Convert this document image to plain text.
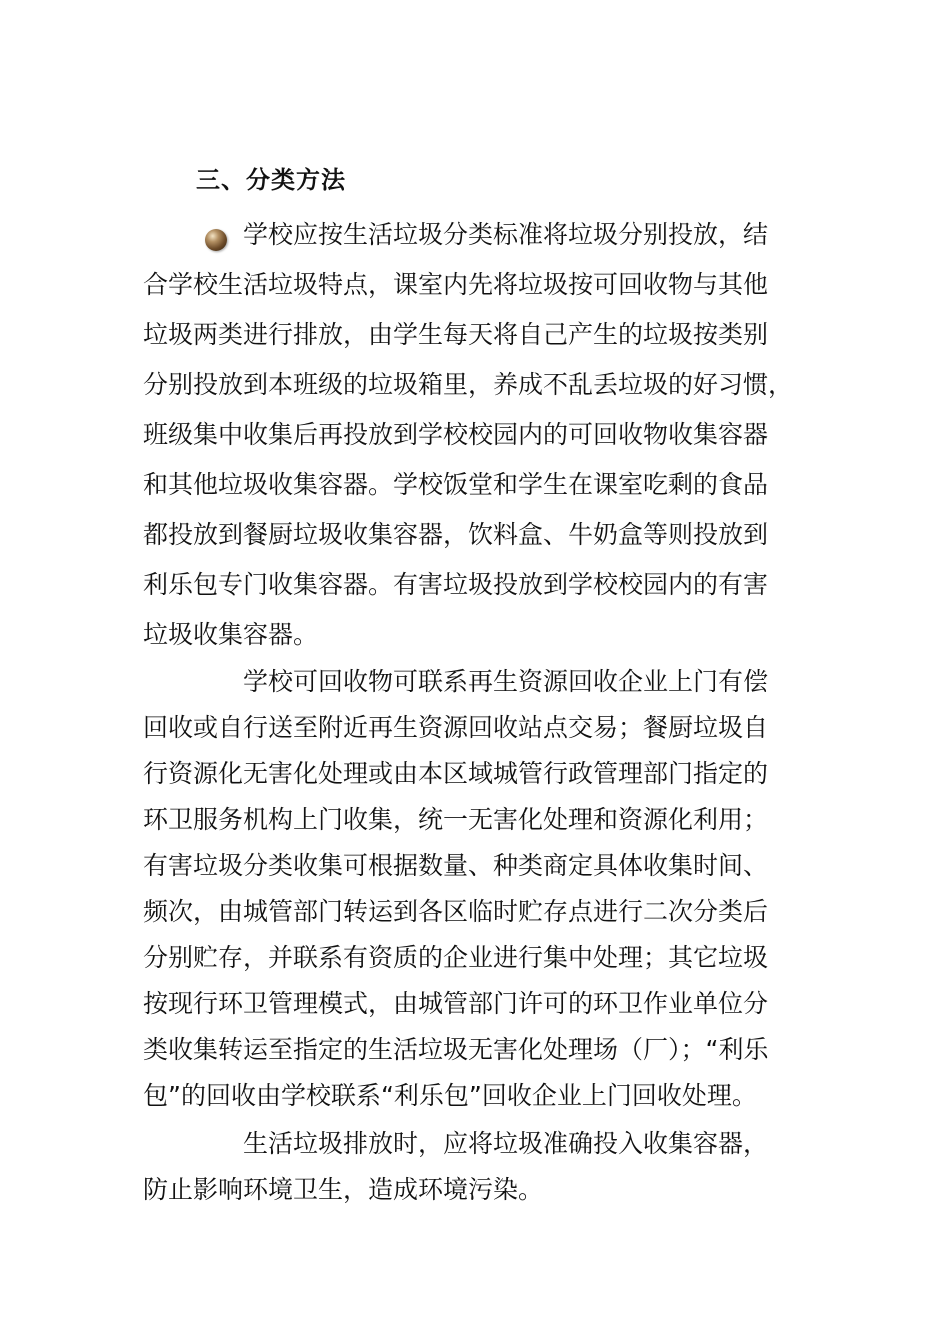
三、分类方法
学校应按生活垃圾分类标准将垃圾分别投放，结
合学校生活垃圾特点，课室内先将垃圾按可回收物与其他
垃圾两类进行排放，由学生每天将自己产生的垃圾按类别
分别投放到本班级的垃圾箱里，养成不乱丢垃圾的好习惯，
班级集中收集后再投放到学校校园内的可回收物收集容器
和其他垃圾收集容器。学校饭堂和学生在课室吃剩的食品
都投放到餐厨垃圾收集容器，饮料盒、牛奶盒等则投放到
利乐包专门收集容器。有害垃圾投放到学校校园内的有害
垃圾收集容器。
学校可回收物可联系再生资源回收企业上门有偿
回收或自行送至附近再生资源回收站点交易；餐厨垃圾自
行资源化无害化处理或由本区域城管行政管理部门指定的
环卫服务机构上门收集，统一无害化处理和资源化利用；
有害垃圾分类收集可根据数量、种类商定具体收集时间、
频次，由城管部门转运到各区临时贮存点进行二次分类后
分别贮存，并联系有资质的企业进行集中处理；其它垃圾
按现行环卫管理模式，由城管部门许可的环卫作业单位分
类收集转运至指定的生活垃圾无害化处理场（厂）；“利乐
包”的回收由学校联系“利乐包”回收企业上门回收处理。
生活垃圾排放时，应将垃圾准确投入收集容器，
防止影响环境卫生，造成环境污染。
